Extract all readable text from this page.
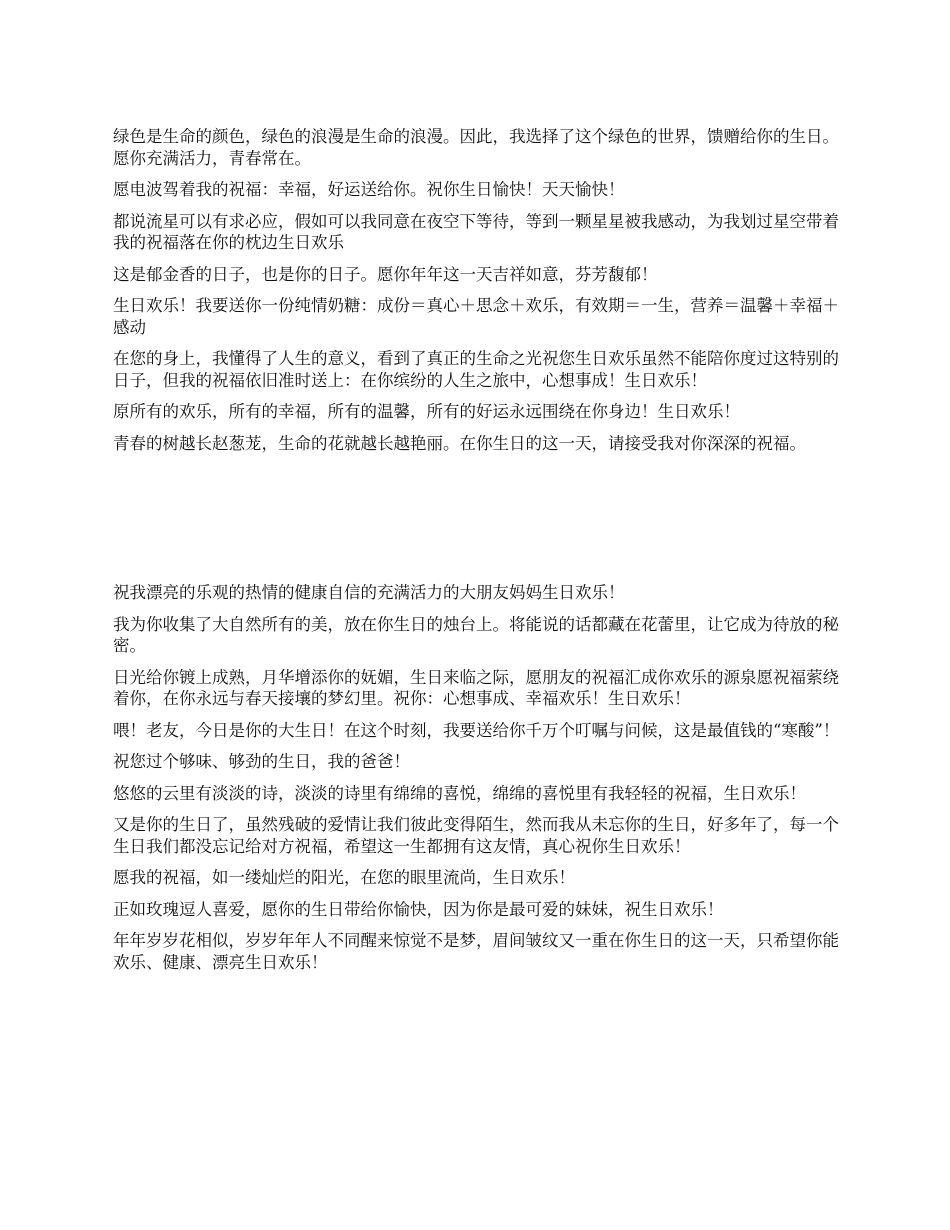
绿色是生命的颜色，绿色的浪漫是生命的浪漫。因此，我选择了这个绿色的世界，馈赠给你的生日。愿你充满活力，青春常在。

愿电波驾着我的祝福：幸福，好运送给你。祝你生日愉快！天天愉快！

都说流星可以有求必应，假如可以我同意在夜空下等待，等到一颗星星被我感动，为我划过星空带着我的祝福落在你的枕边生日欢乐

这是郁金香的日子，也是你的日子。愿你年年这一天吉祥如意，芬芳馥郁！

生日欢乐！我要送你一份纯情奶糖：成份＝真心＋思念＋欢乐，有效期＝一生，营养＝温馨＋幸福＋感动

在您的身上，我懂得了人生的意义，看到了真正的生命之光祝您生日欢乐虽然不能陪你度过这特别的日子，但我的祝福依旧准时送上：在你缤纷的人生之旅中，心想事成！生日欢乐！

原所有的欢乐，所有的幸福，所有的温馨，所有的好运永远围绕在你身边！生日欢乐！

青春的树越长赵葱茏，生命的花就越长越艳丽。在你生日的这一天，请接受我对你深深的祝福。

祝我漂亮的乐观的热情的健康自信的充满活力的大朋友妈妈生日欢乐！

我为你收集了大自然所有的美，放在你生日的烛台上。将能说的话都藏在花蕾里，让它成为待放的秘密。

日光给你镀上成熟，月华增添你的妩媚，生日来临之际，愿朋友的祝福汇成你欢乐的源泉愿祝福萦绕着你，在你永远与春天接壤的梦幻里。祝你：心想事成、幸福欢乐！生日欢乐！

喂！老友，今日是你的大生日！在这个时刻，我要送给你千万个叮嘱与问候，这是最值钱的“寒酸”！

祝您过个够味、够劲的生日，我的爸爸！

悠悠的云里有淡淡的诗，淡淡的诗里有绵绵的喜悦，绵绵的喜悦里有我轻轻的祝福，生日欢乐！

又是你的生日了，虽然残破的爱情让我们彼此变得陌生，然而我从未忘你的生日，好多年了，每一个生日我们都没忘记给对方祝福，希望这一生都拥有这友情，真心祝你生日欢乐！

愿我的祝福，如一缕灿烂的阳光，在您的眼里流尚，生日欢乐！

正如玫瑰逗人喜爱，愿你的生日带给你愉快，因为你是最可爱的妹妹，祝生日欢乐！

年年岁岁花相似，岁岁年年人不同醒来惊觉不是梦，眉间皱纹又一重在你生日的这一天，只希望你能欢乐、健康、漂亮生日欢乐！
